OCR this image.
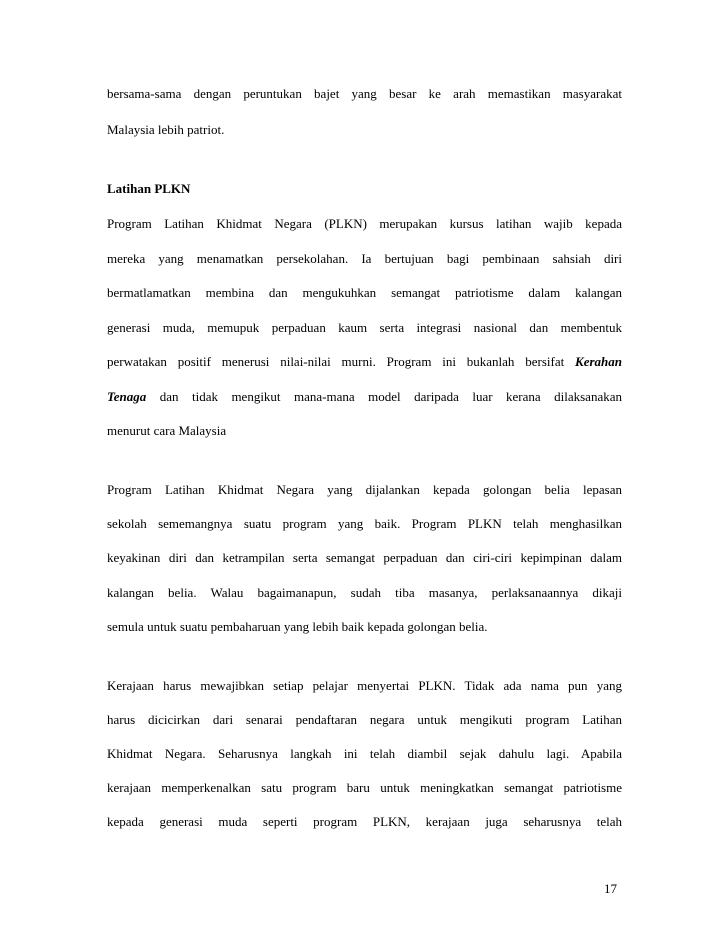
bersama-sama dengan peruntukan bajet yang besar ke arah memastikan masyarakat
Malaysia lebih patriot.
Latihan PLKN
Program Latihan Khidmat Negara (PLKN) merupakan kursus latihan wajib kepada
mereka yang menamatkan persekolahan. Ia bertujuan bagi pembinaan sahsiah diri
bermatlamatkan membina dan mengukuhkan semangat patriotisme dalam kalangan
generasi muda, memupuk perpaduan kaum serta integrasi nasional dan membentuk
perwatakan positif menerusi nilai-nilai murni. Program ini bukanlah bersifat Kerahan
Tenaga dan tidak mengikut mana-mana model daripada luar kerana dilaksanakan
menurut cara Malaysia
Program Latihan Khidmat Negara yang dijalankan kepada golongan belia lepasan
sekolah sememangnya suatu program yang baik. Program PLKN telah menghasilkan
keyakinan diri dan ketrampilan serta semangat perpaduan dan ciri-ciri kepimpinan dalam
kalangan belia. Walau bagaimanapun, sudah tiba masanya, perlaksanaannya dikaji
semula untuk suatu pembaharuan yang lebih baik kepada golongan belia.
Kerajaan harus mewajibkan setiap pelajar menyertai PLKN. Tidak ada nama pun yang
harus dicicirkan dari senarai pendaftaran negara untuk mengikuti program Latihan
Khidmat Negara. Seharusnya langkah ini telah diambil sejak dahulu lagi. Apabila
kerajaan memperkenalkan satu program baru untuk meningkatkan semangat patriotisme
kepada generasi muda seperti program PLKN, kerajaan juga seharusnya telah
17
